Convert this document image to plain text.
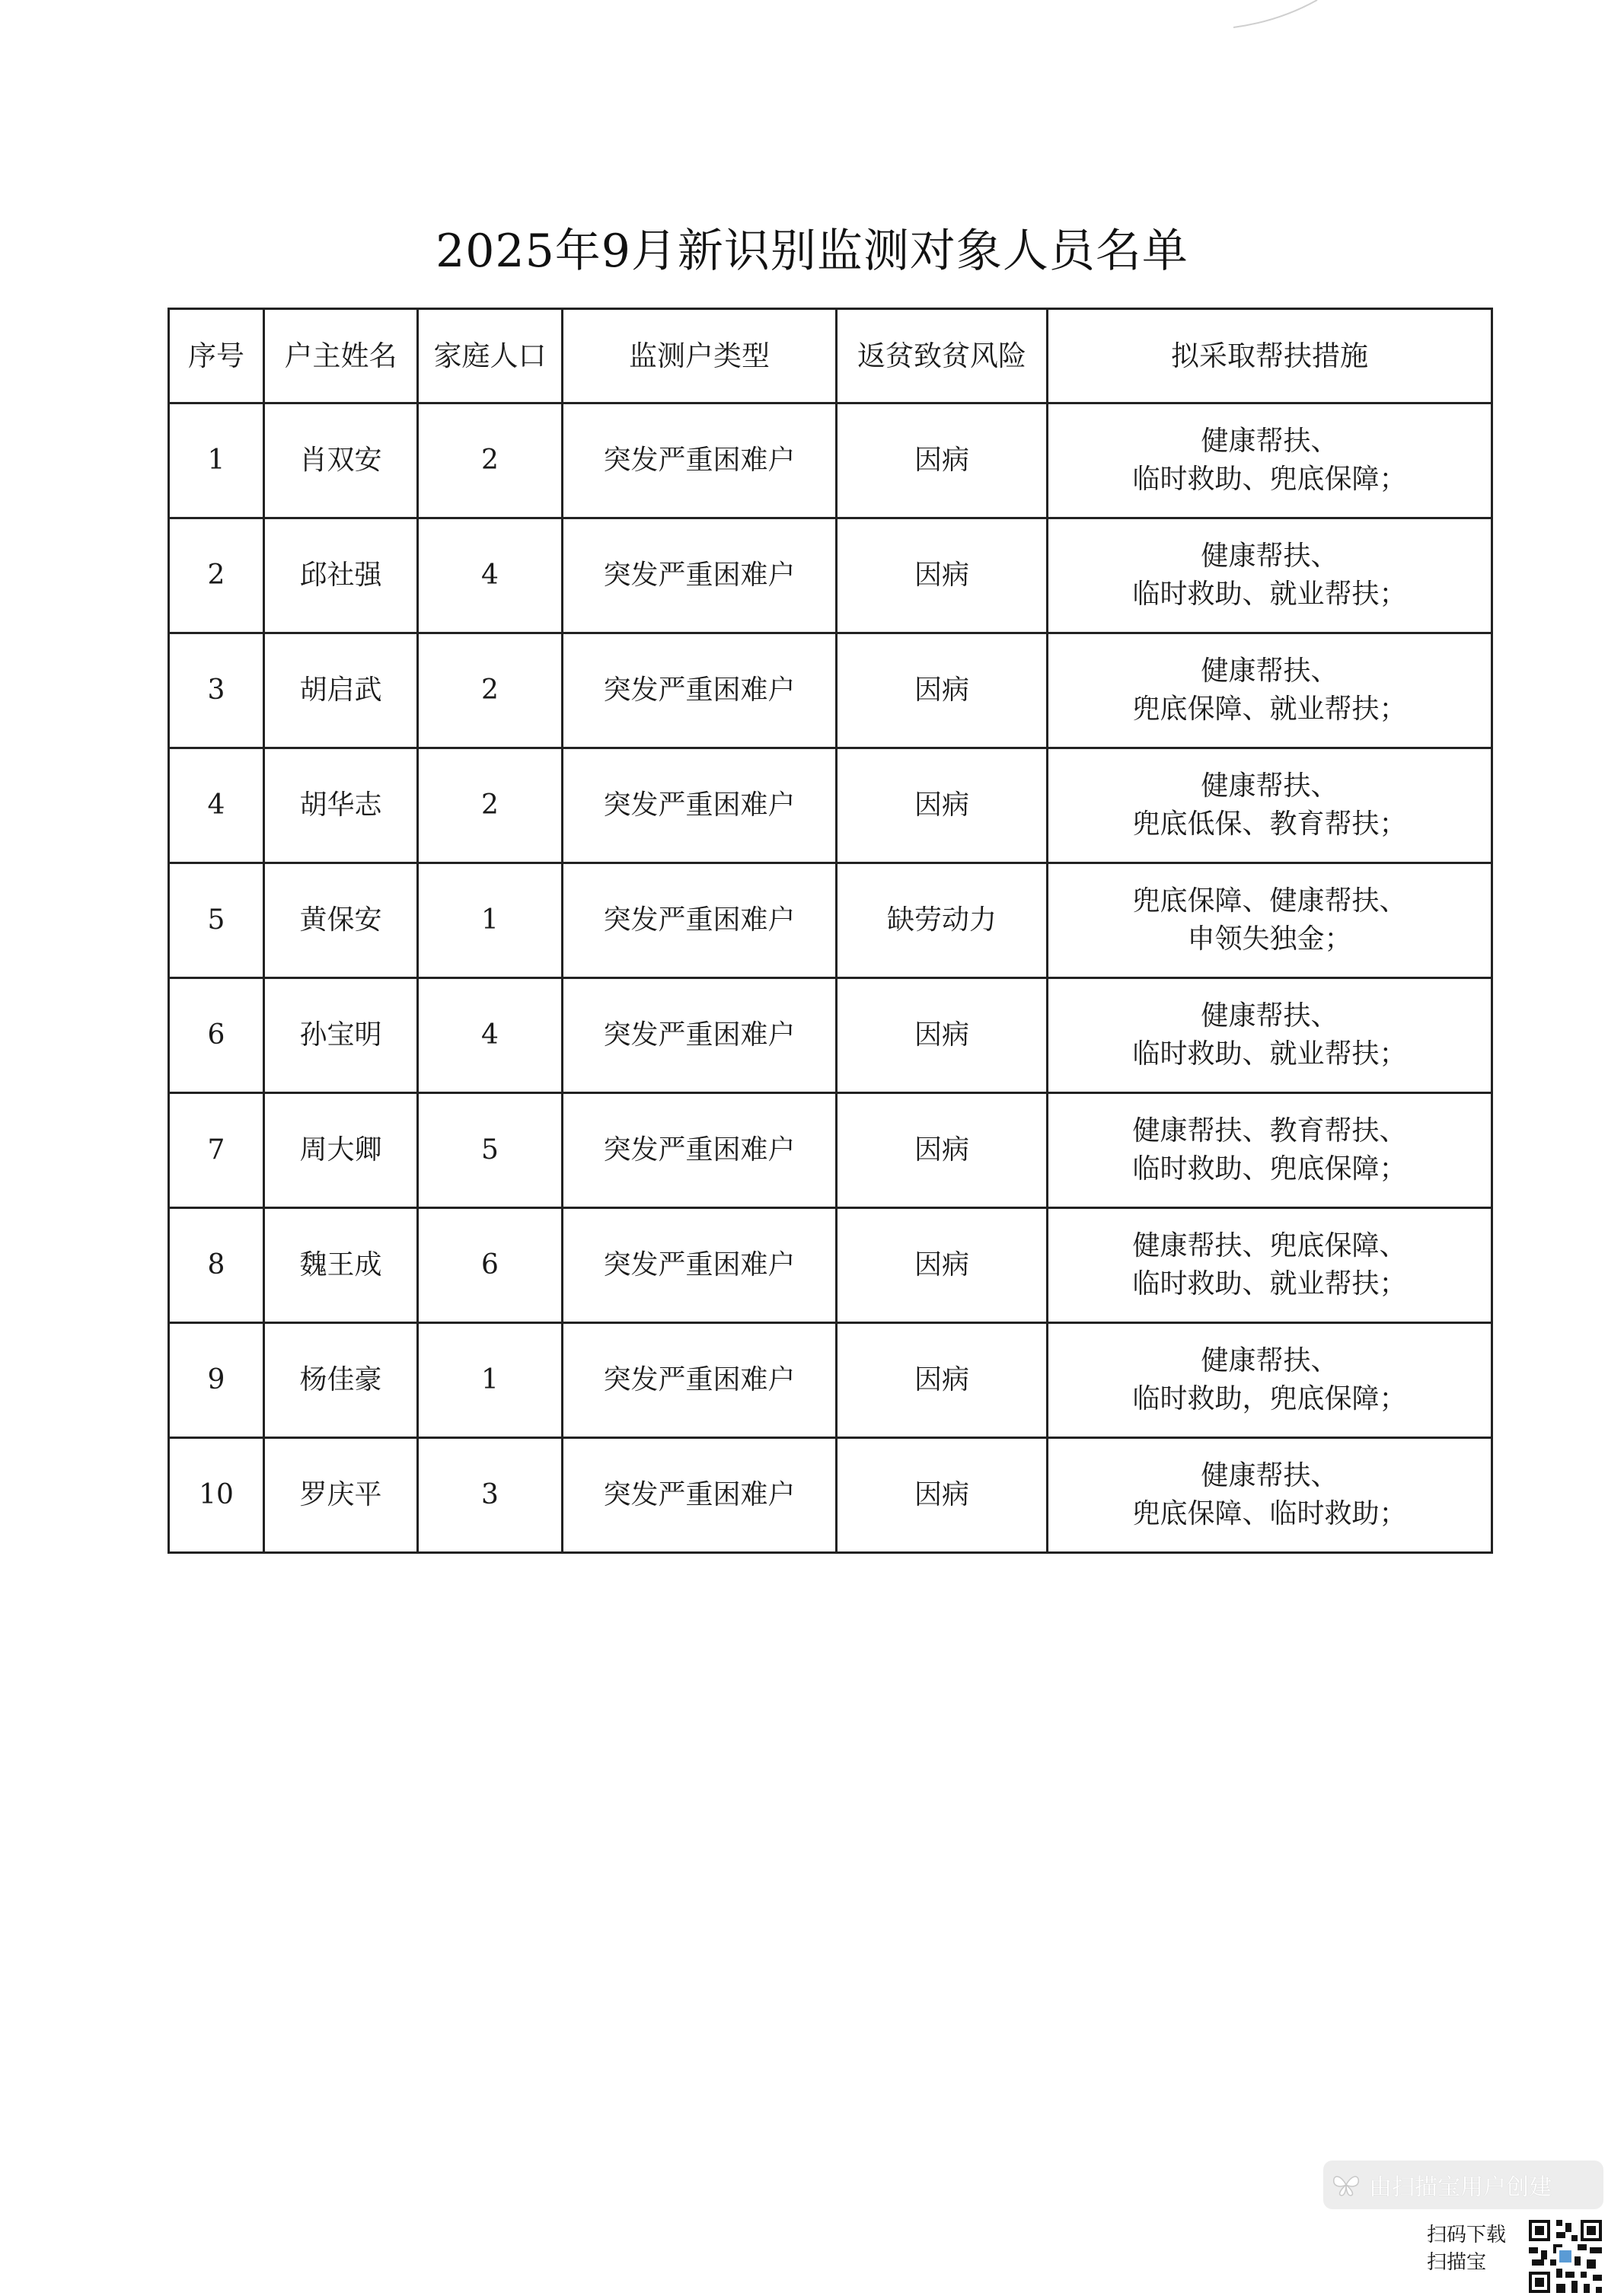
2025年9月新识别监测对象人员名单
序号	户主姓名	家庭人口	监测户类型	返贫致贫风险	拟采取帮扶措施
1	肖双安	2	突发严重困难户	因病	健康帮扶、
临时救助、兜底保障；
2	邱社强	4	突发严重困难户	因病	健康帮扶、
临时救助、就业帮扶；
3	胡启武	2	突发严重困难户	因病	健康帮扶、
兜底保障、就业帮扶；
4	胡华志	2	突发严重困难户	因病	健康帮扶、
兜底低保、教育帮扶；
5	黄保安	1	突发严重困难户	缺劳动力	兜底保障、健康帮扶、
申领失独金；
6	孙宝明	4	突发严重困难户	因病	健康帮扶、
临时救助、就业帮扶；
7	周大卿	5	突发严重困难户	因病	健康帮扶、教育帮扶、
临时救助、兜底保障；
8	魏王成	6	突发严重困难户	因病	健康帮扶、兜底保障、
临时救助、就业帮扶；
9	杨佳豪	1	突发严重困难户	因病	健康帮扶、
临时救助，兜底保障；
10	罗庆平	3	突发严重困难户	因病	健康帮扶、
兜底保障、临时救助；
由扫描宝用户创建
扫码下载
扫描宝
